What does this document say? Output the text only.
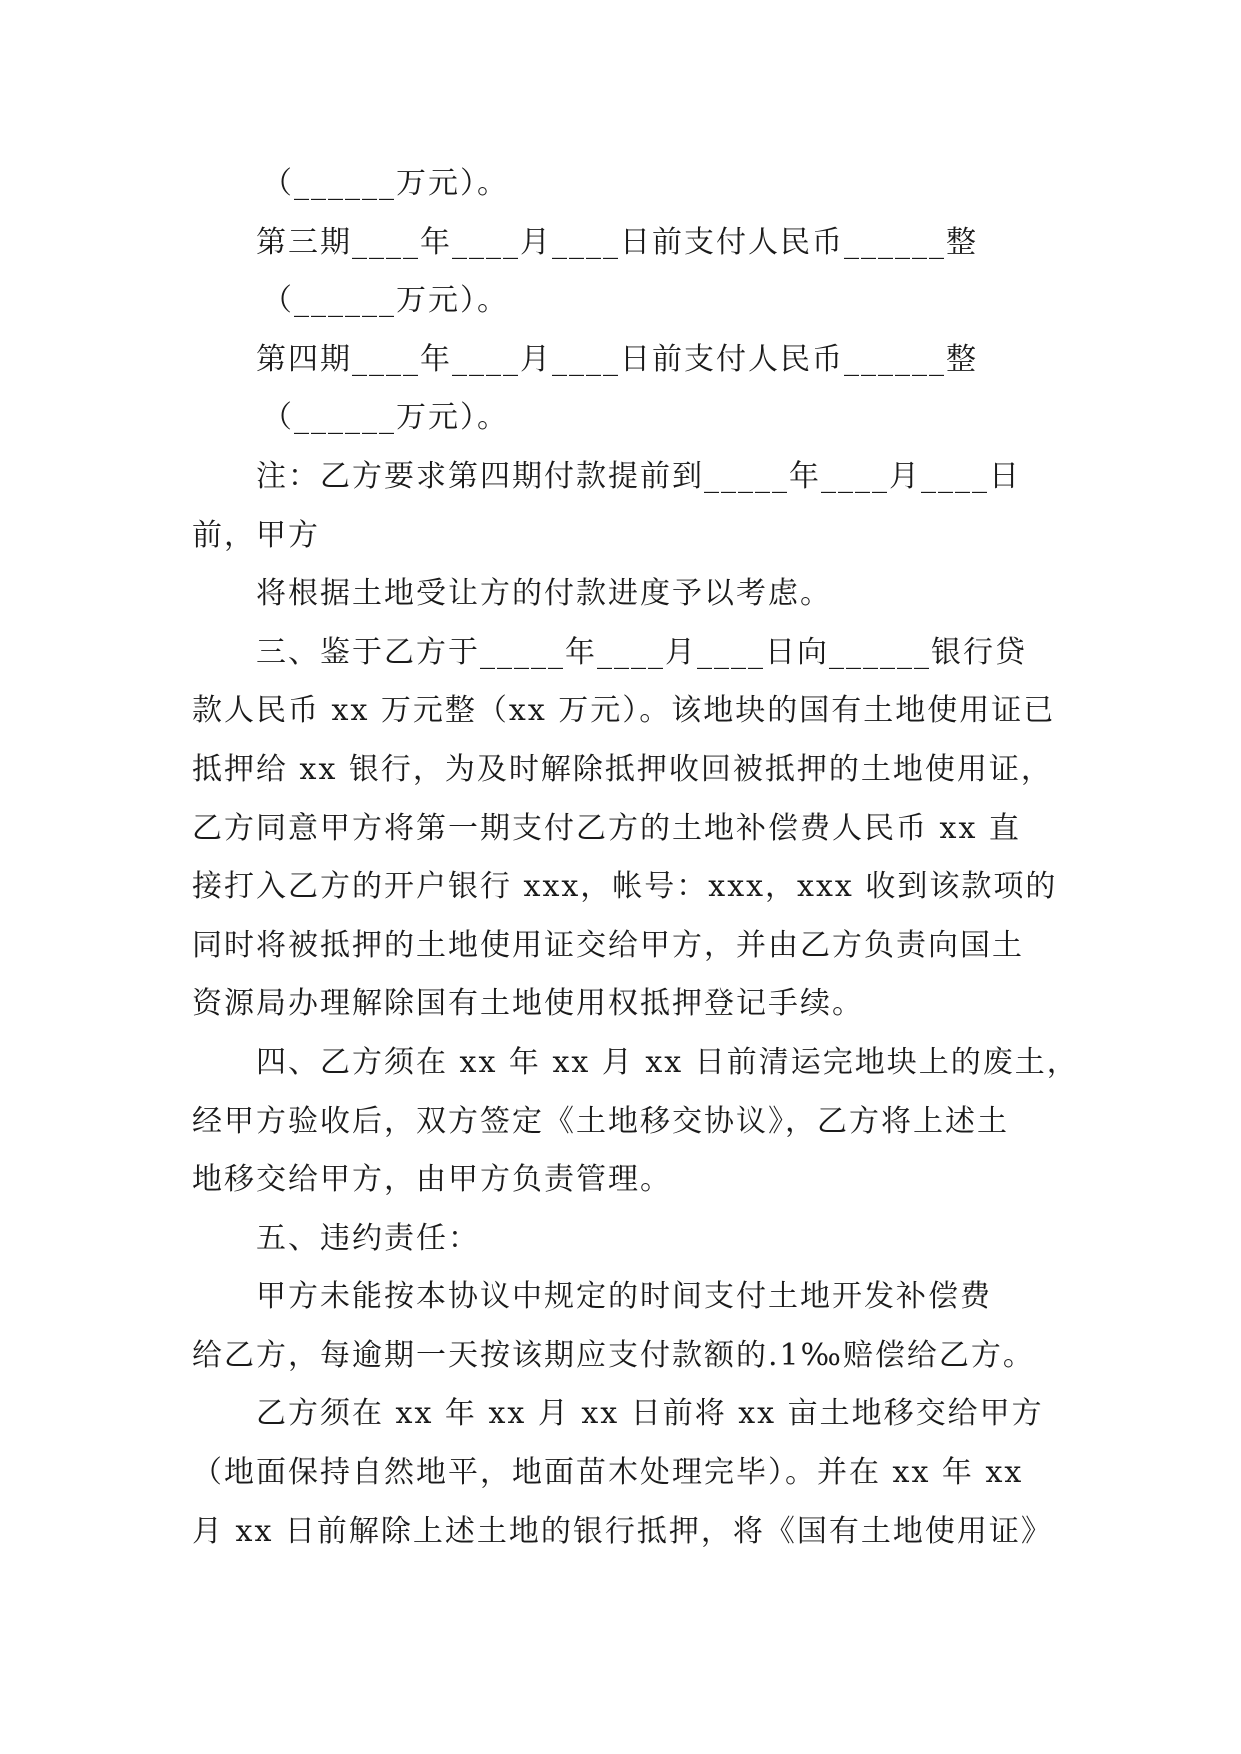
（______万元）。
第三期____年____月____日前支付人民币______整
（______万元）。
第四期____年____月____日前支付人民币______整
（______万元）。
注：乙方要求第四期付款提前到_____年____月____日
前，甲方
将根据土地受让方的付款进度予以考虑。
三、鉴于乙方于_____年____月____日向______银行贷
款人民币 xx 万元整（xx 万元）。该地块的国有土地使用证已
抵押给 xx 银行，为及时解除抵押收回被抵押的土地使用证，
乙方同意甲方将第一期支付乙方的土地补偿费人民币 xx 直
接打入乙方的开户银行 xxx，帐号：xxx，xxx 收到该款项的
同时将被抵押的土地使用证交给甲方，并由乙方负责向国土
资源局办理解除国有土地使用权抵押登记手续。
四、乙方须在 xx 年 xx 月 xx 日前清运完地块上的废土，
经甲方验收后，双方签定《土地移交协议》，乙方将上述土
地移交给甲方，由甲方负责管理。
五、违约责任：
甲方未能按本协议中规定的时间支付土地开发补偿费
给乙方，每逾期一天按该期应支付款额的.1‰赔偿给乙方。
乙方须在 xx 年 xx 月 xx 日前将 xx 亩土地移交给甲方
（地面保持自然地平，地面苗木处理完毕）。并在 xx 年 xx
月 xx 日前解除上述土地的银行抵押，将《国有土地使用证》
